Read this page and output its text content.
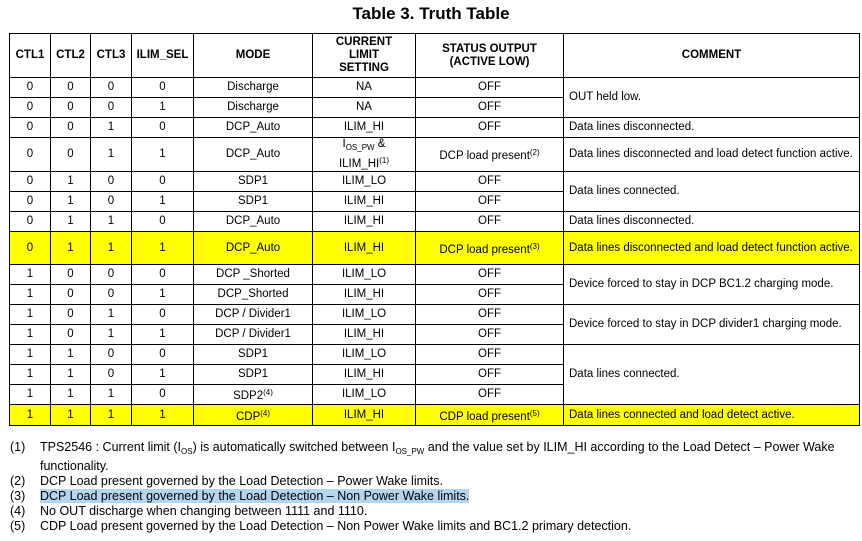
Table 3. Truth Table
CTL1	CTL2	CTL3	ILIM_SEL	MODE	CURRENT
LIMIT
SETTING	STATUS OUTPUT
(ACTIVE LOW)	COMMENT
0	0	0	0	Discharge	NA	OFF	OUT held low.
0	0	0	1	Discharge	NA	OFF	
0	0	1	0	DCP_Auto	ILIM_HI	OFF	Data lines disconnected.
0	0	1	1	DCP_Auto	$I_{OS\_PW}$ & ILIM_HI$^{(1)}$	DCP load present$^{(2)}$	Data lines disconnected and load detect function active.
0	1	0	0	SDP1	ILIM_LO	OFF	Data lines connected.
0	1	0	1	SDP1	ILIM_HI	OFF	
0	1	1	0	DCP_Auto	ILIM_HI	OFF	Data lines disconnected.
0	1	1	1	DCP_Auto	ILIM_HI	DCP load present$^{(3)}$	Data lines disconnected and load detect function active.
1	0	0	0	DCP _Shorted	ILIM_LO	OFF	Device forced to stay in DCP BC1.2 charging mode.
1	0	0	1	DCP_Shorted	ILIM_HI	OFF	
1	0	1	0	DCP / Divider1	ILIM_LO	OFF	Device forced to stay in DCP divider1 charging mode.
1	0	1	1	DCP / Divider1	ILIM_HI	OFF	
1	1	0	0	SDP1	ILIM_LO	OFF	Data lines connected.
1	1	0	1	SDP1	ILIM_HI	OFF	
1	1	1	0	SDP2$^{(4)}$	ILIM_LO	OFF	
1	1	1	1	CDP$^{(4)}$	ILIM_HI	CDP load present$^{(5)}$	Data lines connected and load detect active.
(1)	TPS2546 : Current limit $(I_{OS})$ is automatically switched between $I_{OS\_PW}$ and the value set by ILIM_HI according to the Load Detect – Power Wake functionality.
(2)	DCP Load present governed by the Load Detection – Power Wake limits.
(3)	DCP Load present governed by the Load Detection – Non Power Wake limits.
(4)	No OUT discharge when changing between 1111 and 1110.
(5)	CDP Load present governed by the Load Detection – Non Power Wake limits and BC1.2 primary detection.
